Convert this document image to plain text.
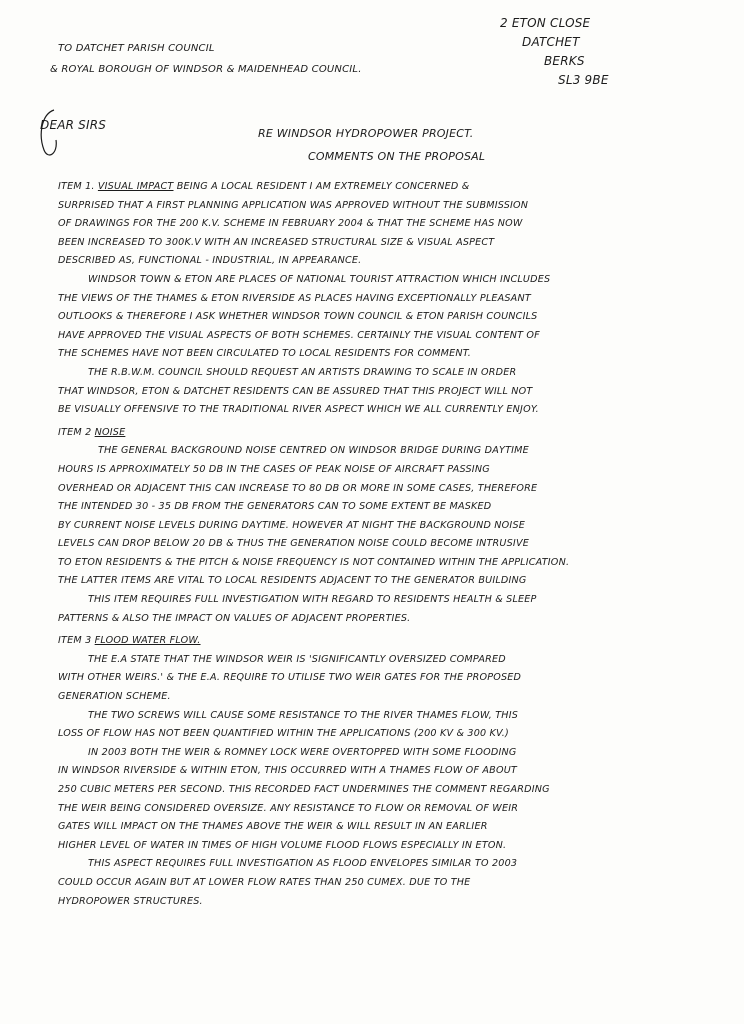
2 ETON CLOSE
DATCHET
BERKS
SL3 9BE
TO DATCHET PARISH COUNCIL
& ROYAL BOROUGH OF WINDSOR & MAIDENHEAD COUNCIL.
DEAR SIRS
RE WINDSOR HYDROPOWER PROJECT.
COMMENTS ON THE PROPOSAL
ITEM 1. VISUAL IMPACT BEING A LOCAL RESIDENT I AM EXTREMELY CONCERNED &
SURPRISED THAT A FIRST PLANNING APPLICATION WAS APPROVED WITHOUT THE SUBMISSION
OF DRAWINGS FOR THE 200 K.V. SCHEME IN FEBRUARY 2004 & THAT THE SCHEME HAS NOW
BEEN INCREASED TO 300K.V WITH AN INCREASED STRUCTURAL SIZE & VISUAL ASPECT
DESCRIBED AS, FUNCTIONAL - INDUSTRIAL, IN APPEARANCE.
WINDSOR TOWN & ETON ARE PLACES OF NATIONAL TOURIST ATTRACTION WHICH INCLUDES
THE VIEWS OF THE THAMES & ETON RIVERSIDE AS PLACES HAVING EXCEPTIONALLY PLEASANT
OUTLOOKS & THEREFORE I ASK WHETHER WINDSOR TOWN COUNCIL & ETON PARISH COUNCILS
HAVE APPROVED THE VISUAL ASPECTS OF BOTH SCHEMES. CERTAINLY THE VISUAL CONTENT OF
THE SCHEMES HAVE NOT BEEN CIRCULATED TO LOCAL RESIDENTS FOR COMMENT.
THE R.B.W.M. COUNCIL SHOULD REQUEST AN ARTISTS DRAWING TO SCALE IN ORDER
THAT WINDSOR, ETON & DATCHET RESIDENTS CAN BE ASSURED THAT THIS PROJECT WILL NOT
BE VISUALLY OFFENSIVE TO THE TRADITIONAL RIVER ASPECT WHICH WE ALL CURRENTLY ENJOY.
ITEM 2 NOISE
THE GENERAL BACKGROUND NOISE CENTRED ON WINDSOR BRIDGE DURING DAYTIME
HOURS IS APPROXIMATELY 50 DB IN THE CASES OF PEAK NOISE OF AIRCRAFT PASSING
OVERHEAD OR ADJACENT THIS CAN INCREASE TO 80 DB OR MORE IN SOME CASES, THEREFORE
THE INTENDED 30 - 35 DB FROM THE GENERATORS CAN TO SOME EXTENT BE MASKED
BY CURRENT NOISE LEVELS DURING DAYTIME. HOWEVER AT NIGHT THE BACKGROUND NOISE
LEVELS CAN DROP BELOW 20 DB & THUS THE GENERATION NOISE COULD BECOME INTRUSIVE
TO ETON RESIDENTS & THE PITCH & NOISE FREQUENCY IS NOT CONTAINED WITHIN THE APPLICATION.
THE LATTER ITEMS ARE VITAL TO LOCAL RESIDENTS ADJACENT TO THE GENERATOR BUILDING
THIS ITEM REQUIRES FULL INVESTIGATION WITH REGARD TO RESIDENTS HEALTH & SLEEP
PATTERNS & ALSO THE IMPACT ON VALUES OF ADJACENT PROPERTIES.
ITEM 3 FLOOD WATER FLOW.
THE E.A STATE THAT THE WINDSOR WEIR IS 'SIGNIFICANTLY OVERSIZED COMPARED
WITH OTHER WEIRS.' & THE E.A. REQUIRE TO UTILISE TWO WEIR GATES FOR THE PROPOSED
GENERATION SCHEME.
THE TWO SCREWS WILL CAUSE SOME RESISTANCE TO THE RIVER THAMES FLOW, THIS
LOSS OF FLOW HAS NOT BEEN QUANTIFIED WITHIN THE APPLICATIONS (200 KV & 300 KV.)
IN 2003 BOTH THE WEIR & ROMNEY LOCK WERE OVERTOPPED WITH SOME FLOODING
IN WINDSOR RIVERSIDE & WITHIN ETON, THIS OCCURRED WITH A THAMES FLOW OF ABOUT
250 CUBIC METERS PER SECOND. THIS RECORDED FACT UNDERMINES THE COMMENT REGARDING
THE WEIR BEING CONSIDERED OVERSIZE. ANY RESISTANCE TO FLOW OR REMOVAL OF WEIR
GATES WILL IMPACT ON THE THAMES ABOVE THE WEIR & WILL RESULT IN AN EARLIER
HIGHER LEVEL OF WATER IN TIMES OF HIGH VOLUME FLOOD FLOWS ESPECIALLY IN ETON.
THIS ASPECT REQUIRES FULL INVESTIGATION AS FLOOD ENVELOPES SIMILAR TO 2003
COULD OCCUR AGAIN BUT AT LOWER FLOW RATES THAN 250 CUMEX. DUE TO THE
HYDROPOWER STRUCTURES.
